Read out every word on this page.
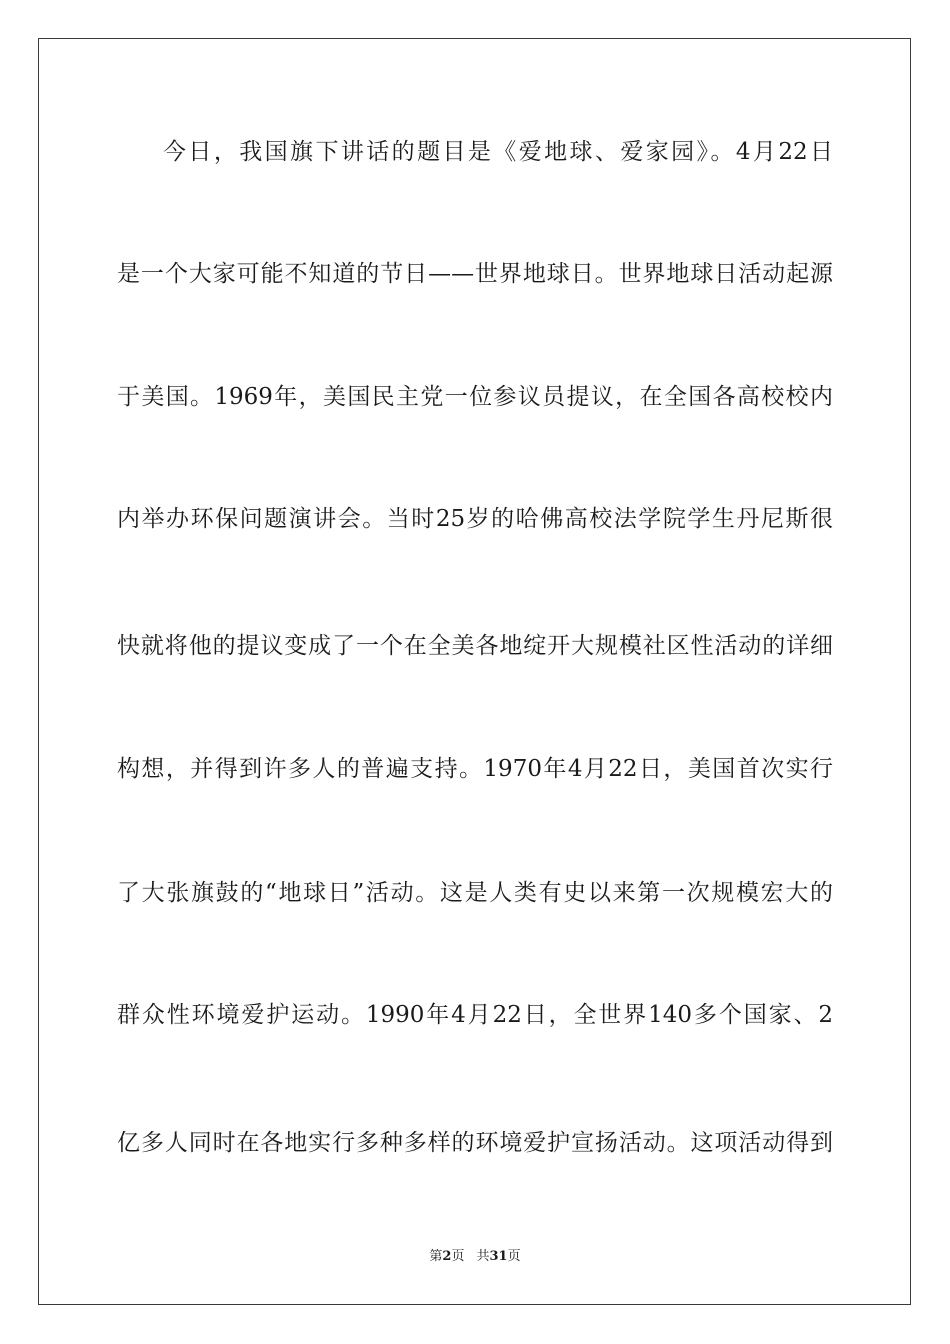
今日，我国旗下讲话的题目是《爱地球、爱家园》。4月22日
是一个大家可能不知道的节日——世界地球日。世界地球日活动起源
于美国。1969年，美国民主党一位参议员提议，在全国各高校校内
内举办环保问题演讲会。当时25岁的哈佛高校法学院学生丹尼斯很
快就将他的提议变成了一个在全美各地绽开大规模社区性活动的详细
构想，并得到许多人的普遍支持。1970年4月22日，美国首次实行
了大张旗鼓的“地球日”活动。这是人类有史以来第一次规模宏大的
群众性环境爱护运动。1990年4月22日，全世界140多个国家、2
亿多人同时在各地实行多种多样的环境爱护宣扬活动。这项活动得到
第2页 共31页
